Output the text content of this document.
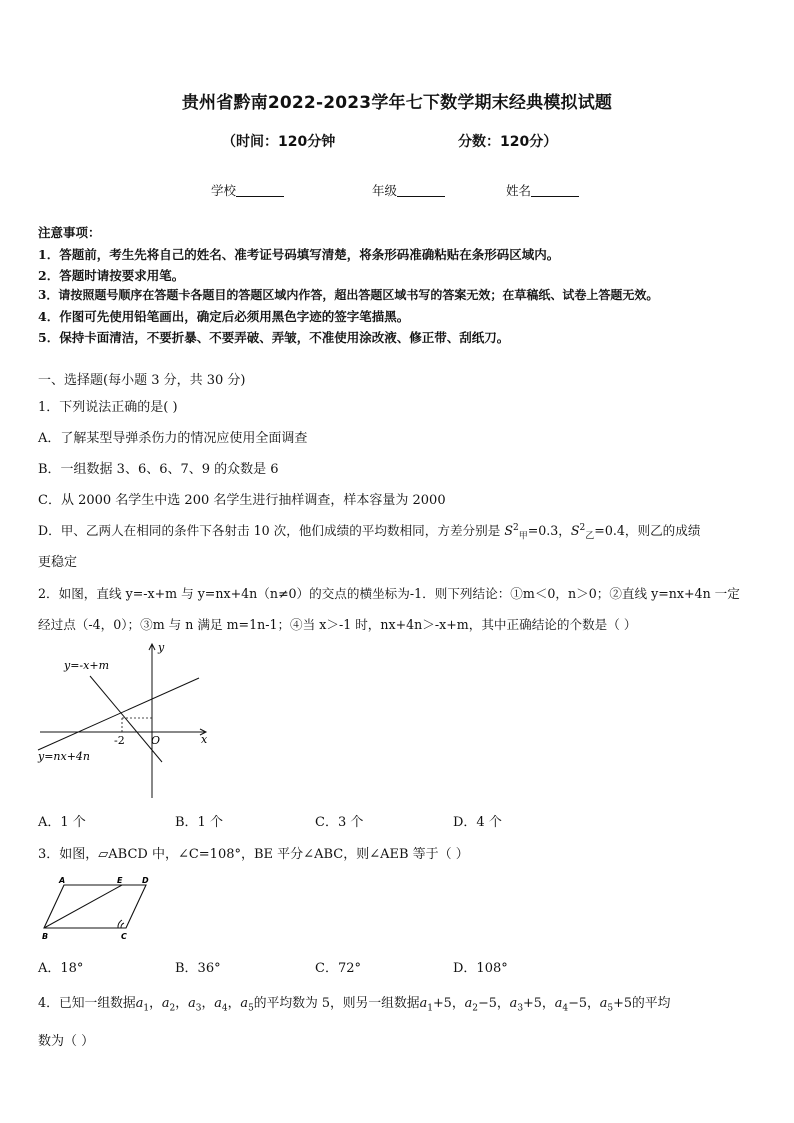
贵州省黔南2022-2023学年七下数学期末经典模拟试题
（时间：120分钟	分数：120分）
学校	年级	姓名
注意事项：
1．答题前，考生先将自己的姓名、准考证号码填写清楚，将条形码准确粘贴在条形码区域内。
2．答题时请按要求用笔。
3．请按照题号顺序在答题卡各题目的答题区域内作答，超出答题区域书写的答案无效；在草稿纸、试卷上答题无效。
4．作图可先使用铅笔画出，确定后必须用黑色字迹的签字笔描黑。
5．保持卡面清洁，不要折暴、不要弄破、弄皱，不准使用涂改液、修正带、刮纸刀。
一、选择题(每小题 3 分，共 30 分)
1．下列说法正确的是( )
A．了解某型导弹杀伤力的情况应使用全面调查
B．一组数据 3、6、6、7、9 的众数是 6
C．从 2000 名学生中选 200 名学生进行抽样调查，样本容量为 2000
D．甲、乙两人在相同的条件下各射击 10 次，他们成绩的平均数相同，方差分别是 $S^2_甲=0.3$，$S^2_乙=0.4$，则乙的成绩
更稳定
2．如图，直线 y=-x+m 与 y=nx+4n（n≠0）的交点的横坐标为-1．则下列结论：①m＜0，n＞0；②直线 y=nx+4n 一定
经过点（-4，0）；③m 与 n 满足 m=1n-1；④当 x＞-1 时，nx+4n＞-x+m，其中正确结论的个数是（ ）
y=-x+m
y=nx+4n
y
x
O
-2
A．1 个	B．1 个	C．3 个	D．4 个
3．如图，▱ABCD 中，∠C=108°，BE 平分∠ABC，则∠AEB 等于（ ）
A	E D
B	C
A．18°	B．36°	C．72°	D．108°
4．已知一组数据$a_1$，$a_2$，$a_3$，$a_4$，$a_5$的平均数为 5，则另一组数据$a_1+5$，$a_2-5$，$a_3+5$，$a_4-5$，$a_5+5$的平均
数为（ ）
